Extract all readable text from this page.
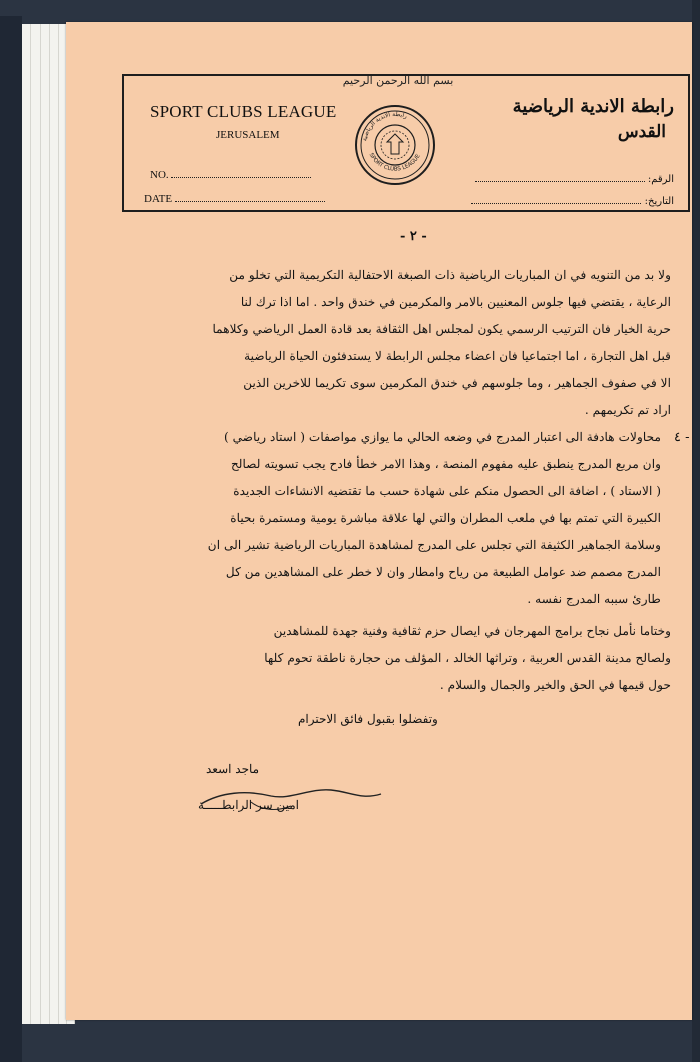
SPORT CLUBS LEAGUE
JERUSALEM
رابطة الاندية الرياضية
القدس
NO.
DATE
الرقم:
التاريخ:
بسم الله الرحمن الرحيم
رابطة الاندية الرياضية
SPORT CLUBS LEAGUE
- ٢ -
ولا بد من التنويه في ان المباريات الرياضية ذات الصبغة الاحتفالية التكريمية التي تخلو من
الرعاية ، يقتضي فيها جلوس المعنيين بالامر والمكرمين في خندق واحد . اما اذا ترك لنا
حرية الخيار فان الترتيب الرسمي يكون لمجلس اهل الثقافة بعد قادة العمل الرياضي وكلاهما
قبل اهل التجارة ، اما اجتماعيا فان اعضاء مجلس الرابطة لا يستدفئون الحياة الرياضية
الا في صفوف الجماهير ، وما جلوسهم في خندق المكرمين سوى تكريما للاخرين الذين
اراد تم تكريمهم .
٤ -
محاولات هادفة الى اعتبار المدرج في وضعه الحالي ما يوازي مواصفات ( استاد رياضي )
وان مربع المدرج ينطبق عليه مفهوم المنصة ، وهذا الامر خطأ فادح يجب تسويته لصالح
( الاستاد ) ، اضافة الى الحصول منكم على شهادة حسب ما تقتضيه الانشاءات الجديدة
الكبيرة التي تمتم بها في ملعب المطران والتي لها علاقة مباشرة يومية ومستمرة بحياة
وسلامة الجماهير الكثيفة التي تجلس على المدرج لمشاهدة المباريات الرياضية تشير الى ان
المدرج مصمم ضد عوامل الطبيعة من رياح وامطار وان لا خطر على المشاهدين من كل
طارئ سببه المدرج نفسه .
وختاما نأمل نجاح برامج المهرجان في ايصال حزم ثقافية وفنية جهدة للمشاهدين
ولصالح مدينة القدس العربية ، وتراثها الخالد ، المؤلف من حجارة ناطقة تحوم كلها
حول قيمها في الحق والخير والجمال والسلام .
وتفضلوا بقبول فائق الاحترام
ماجد اسعد
امين سر الرابطـــــة
